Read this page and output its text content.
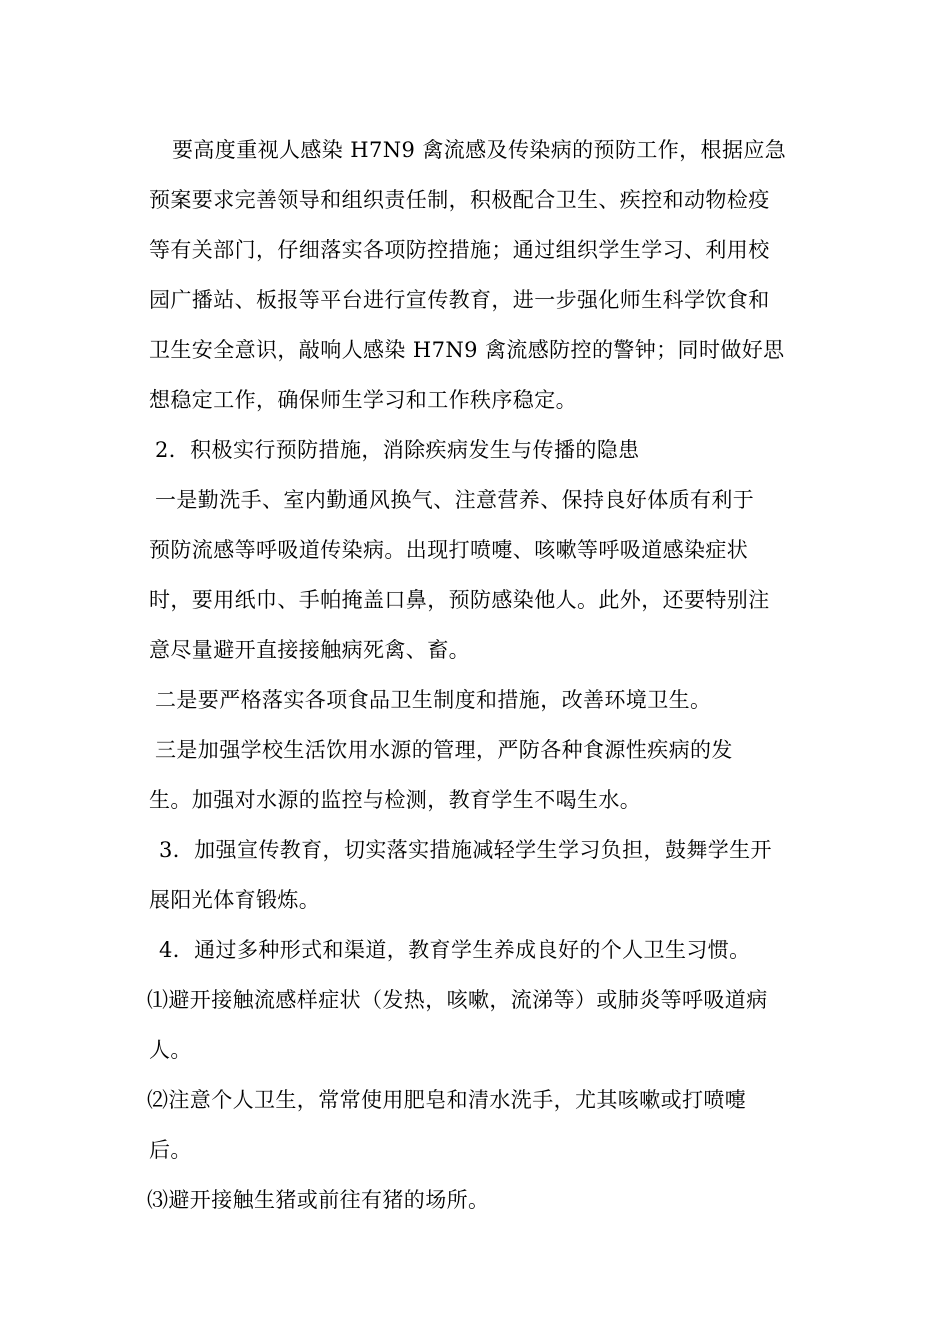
要高度重视人感染 H7N9 禽流感及传染病的预防工作，根据应急
预案要求完善领导和组织责任制，积极配合卫生、疾控和动物检疫
等有关部门，仔细落实各项防控措施；通过组织学生学习、利用校
园广播站、板报等平台进行宣传教育，进一步强化师生科学饮食和
卫生安全意识，敲响人感染 H7N9 禽流感防控的警钟；同时做好思
想稳定工作，确保师生学习和工作秩序稳定。
2．积极实行预防措施，消除疾病发生与传播的隐患
一是勤洗手、室内勤通风换气、注意营养、保持良好体质有利于
预防流感等呼吸道传染病。出现打喷嚏、咳嗽等呼吸道感染症状
时，要用纸巾、手帕掩盖口鼻，预防感染他人。此外，还要特别注
意尽量避开直接接触病死禽、畜。
二是要严格落实各项食品卫生制度和措施，改善环境卫生。
三是加强学校生活饮用水源的管理，严防各种食源性疾病的发
生。加强对水源的监控与检测，教育学生不喝生水。
3．加强宣传教育，切实落实措施减轻学生学习负担，鼓舞学生开
展阳光体育锻炼。
4．通过多种形式和渠道，教育学生养成良好的个人卫生习惯。
⑴避开接触流感样症状（发热，咳嗽，流涕等）或肺炎等呼吸道病
人。
⑵注意个人卫生，常常使用肥皂和清水洗手，尤其咳嗽或打喷嚏
后。
⑶避开接触生猪或前往有猪的场所。
